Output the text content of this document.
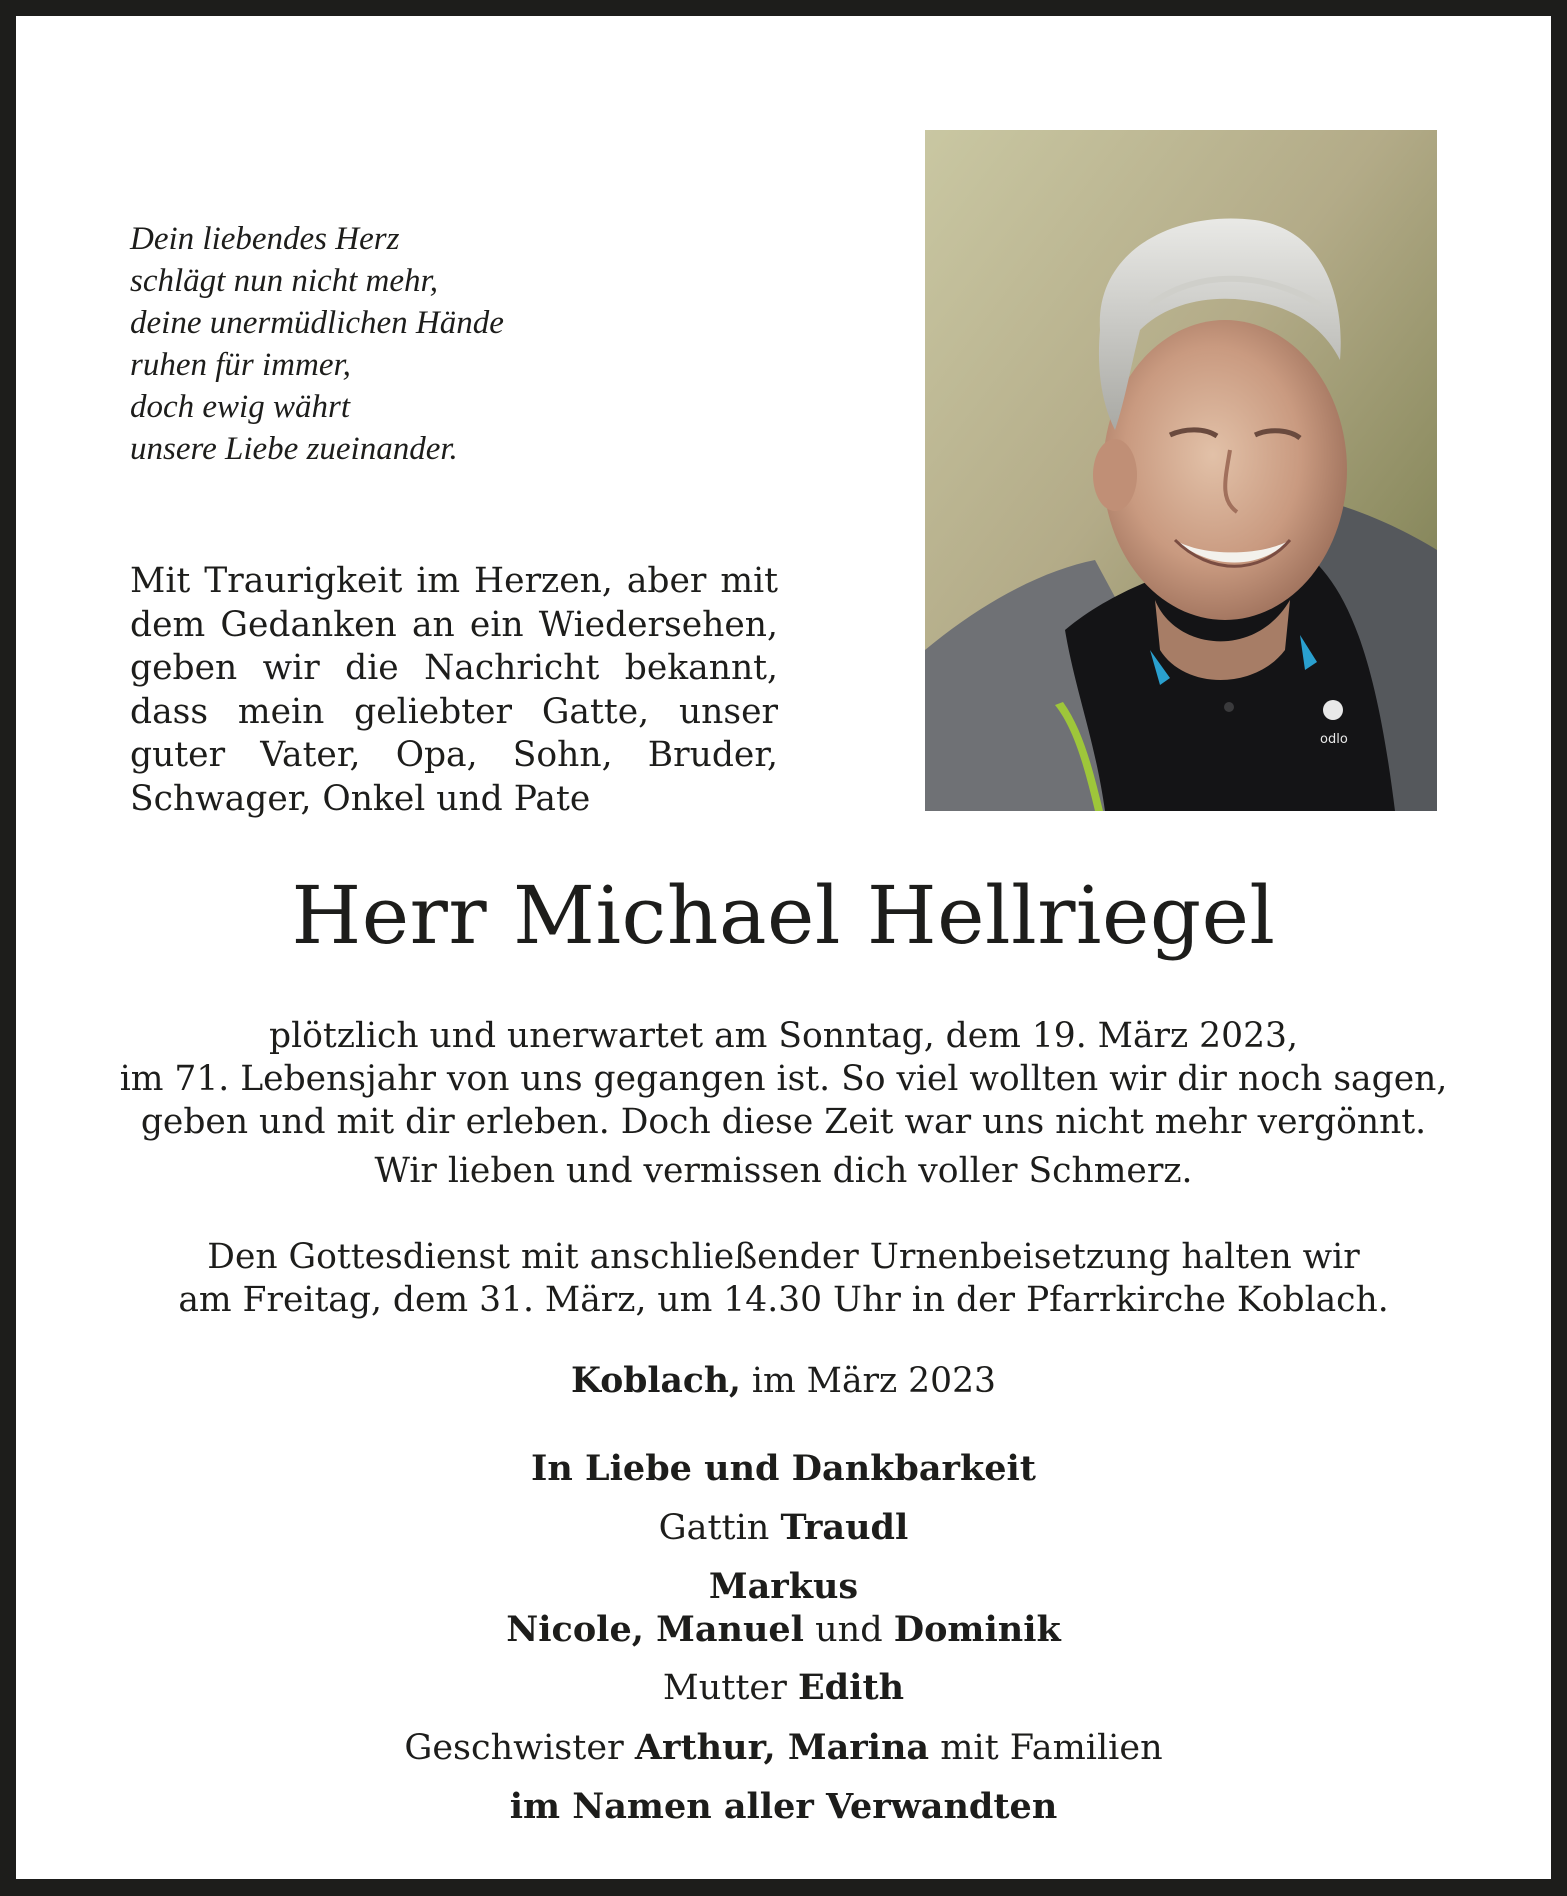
Dein liebendes Herz
schlägt nun nicht mehr,
deine unermüdlichen Hände
ruhen für immer,
doch ewig währt
unsere Liebe zueinander.
Mit Traurigkeit im Herzen, aber mit dem Gedanken an ein Wiedersehen, geben wir die Nachricht bekannt, dass mein geliebter Gatte, unser guter Vater, Opa, Sohn, Bruder, Schwager, Onkel und Pate
odlo
Herr Michael Hellriegel
plötzlich und unerwartet am Sonntag, dem 19. März 2023,
im 71. Lebensjahr von uns gegangen ist. So viel wollten wir dir noch sagen,
geben und mit dir erleben. Doch diese Zeit war uns nicht mehr vergönnt.
Wir lieben und vermissen dich voller Schmerz.
Den Gottesdienst mit anschließender Urnenbeisetzung halten wir
am Freitag, dem 31. März, um 14.30 Uhr in der Pfarrkirche Koblach.
Koblach, im März 2023
In Liebe und Dankbarkeit
Gattin Traudl
Markus
Nicole, Manuel und Dominik
Mutter Edith
Geschwister Arthur, Marina mit Familien
im Namen aller Verwandten
